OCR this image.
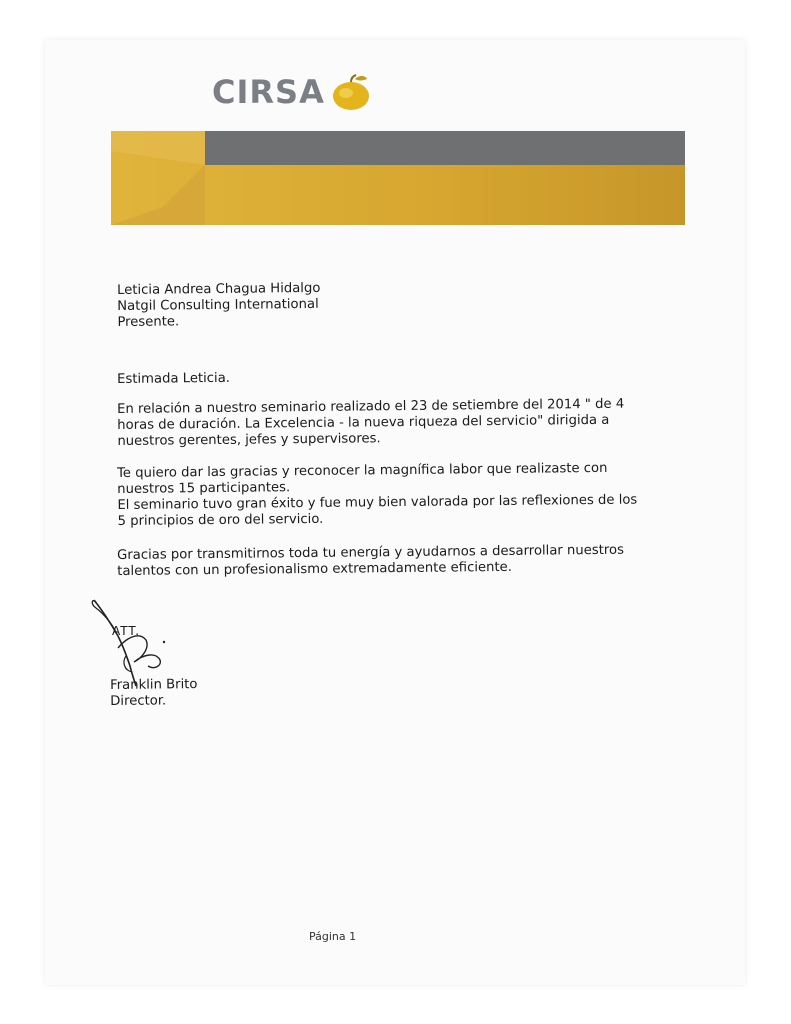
CIRSA
Leticia Andrea Chagua Hidalgo
Natgil Consulting International
Presente.
Estimada Leticia.
En relación a nuestro seminario realizado el 23 de setiembre del 2014 " de 4
horas de duración. La Excelencia - la nueva riqueza del servicio" dirigida a
nuestros gerentes, jefes y supervisores.
Te quiero dar las gracias y reconocer la magnífica labor que realizaste con
nuestros 15 participantes.
El seminario tuvo gran éxito y fue muy bien valorada por las reflexiones de los
5 principios de oro del servicio.
Gracias por transmitirnos toda tu energía y ayudarnos a desarrollar nuestros
talentos con un profesionalismo extremadamente eficiente.
ATT.
Franklin Brito
Director.
Página 1
